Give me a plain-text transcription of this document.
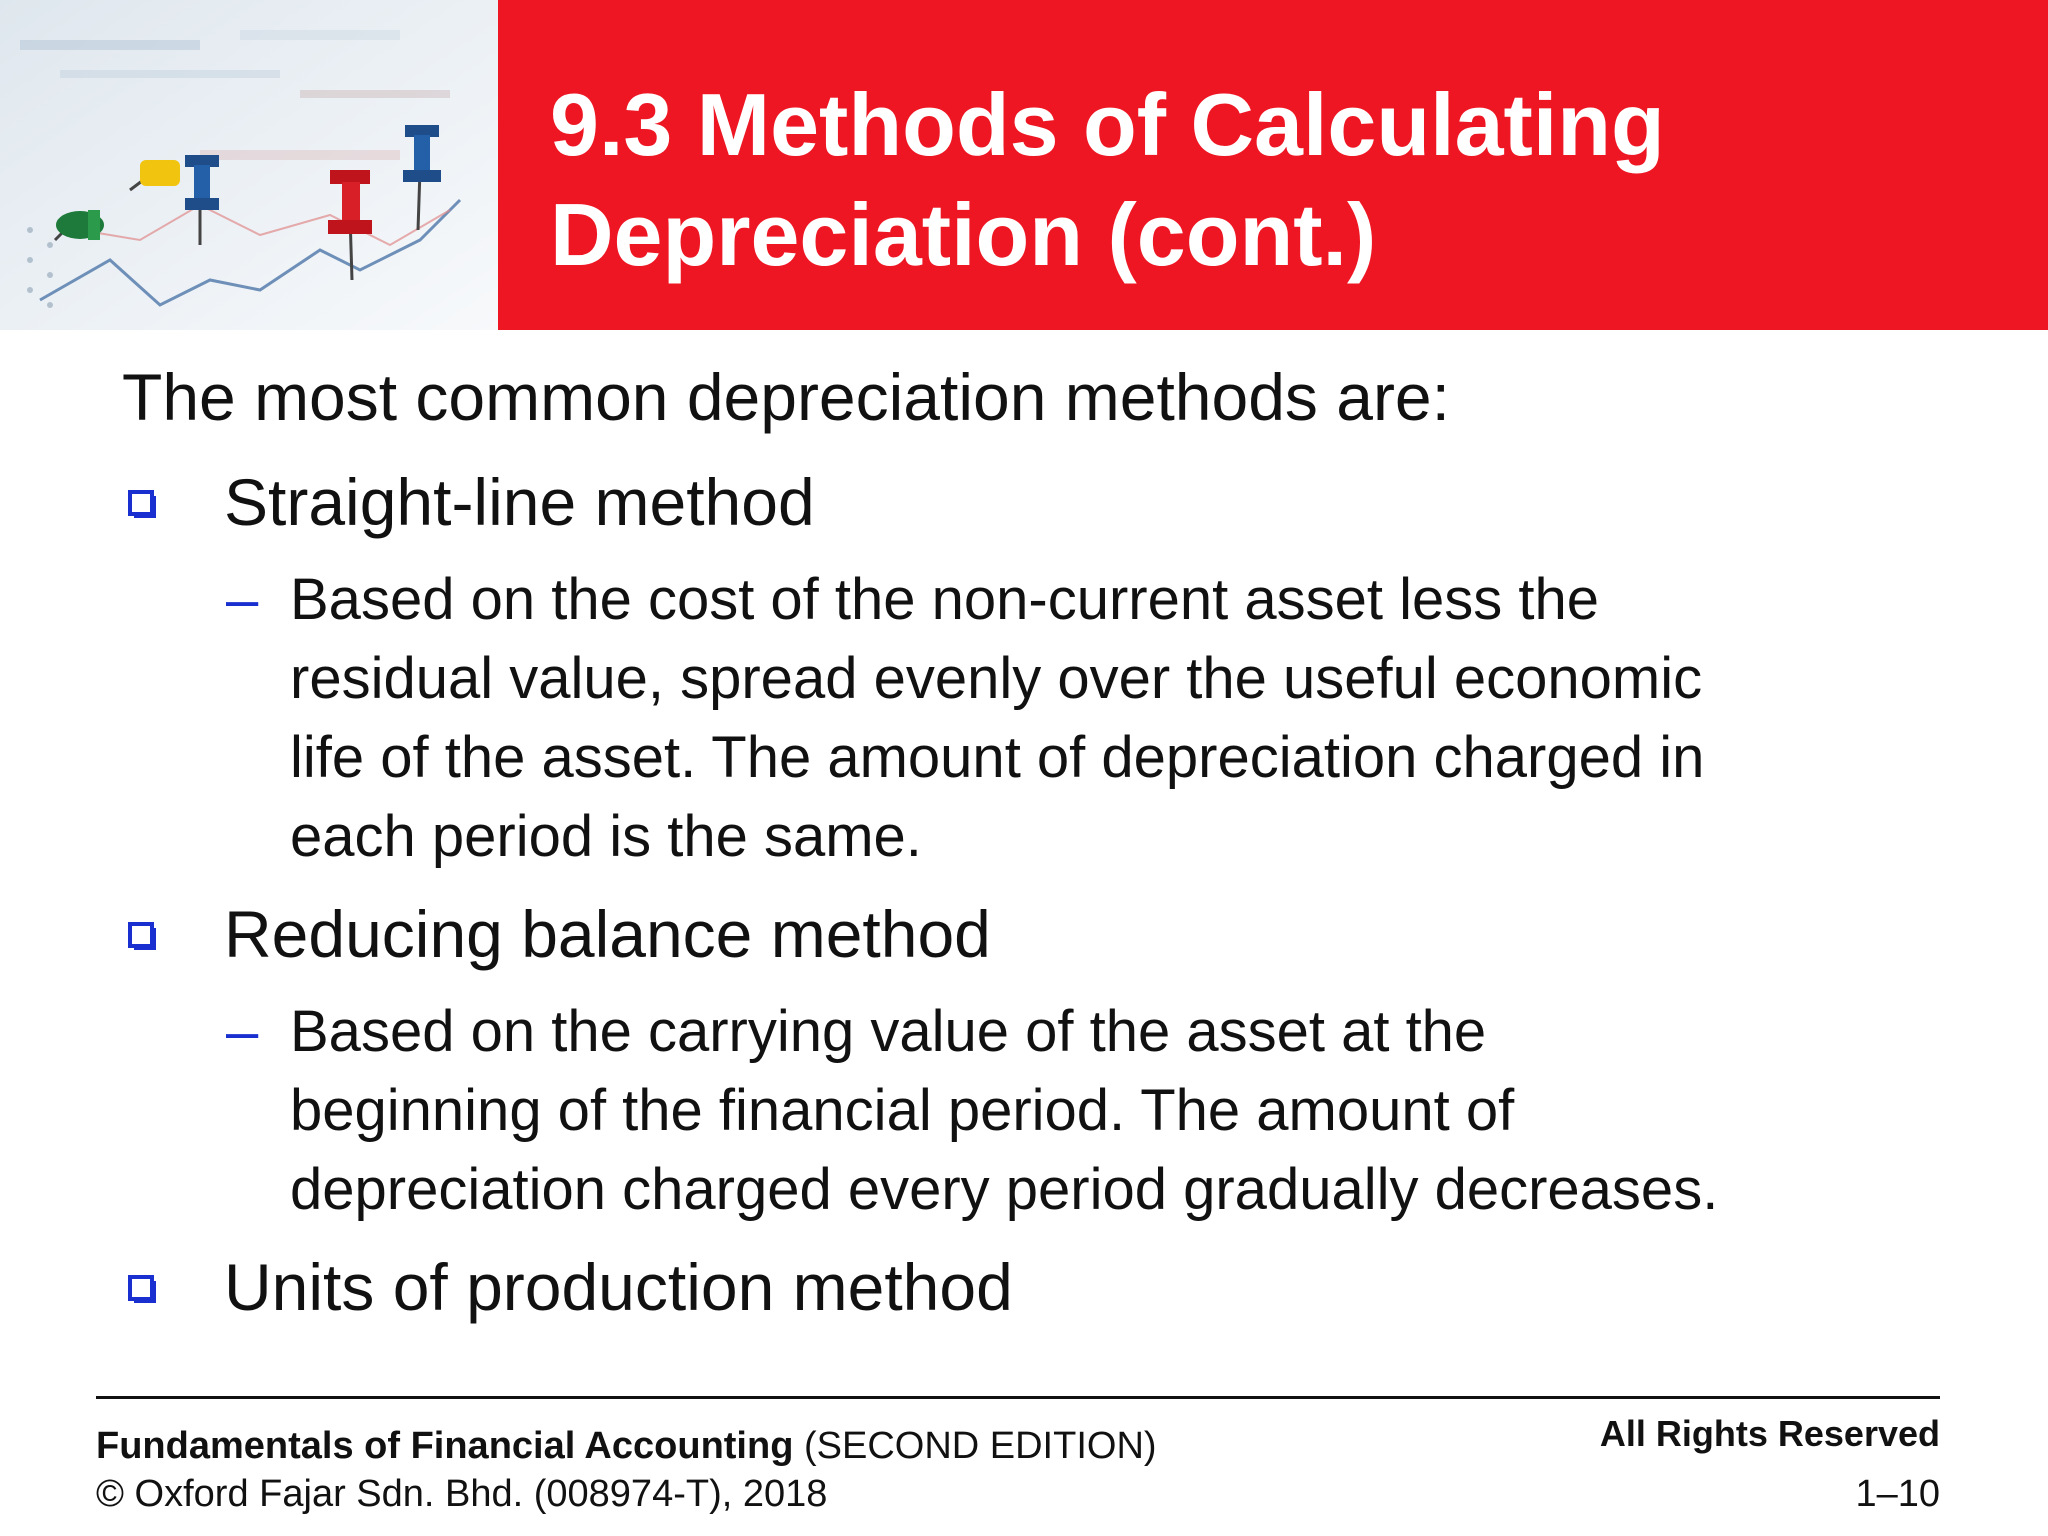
9.3 Methods of Calculating
Depreciation (cont.)

The most common depreciation methods are:

Straight-line method
– Based on the cost of the non-current asset less the
residual value, spread evenly over the useful economic
life of the asset. The amount of depreciation charged in
each period is the same.
Reducing balance method
– Based on the carrying value of the asset at the
beginning of the financial period. The amount of
depreciation charged every period gradually decreases.
Units of production method
Fundamentals of Financial Accounting (SECOND EDITION)
© Oxford Fajar Sdn. Bhd. (008974-T), 2018
All Rights Reserved
1–10
